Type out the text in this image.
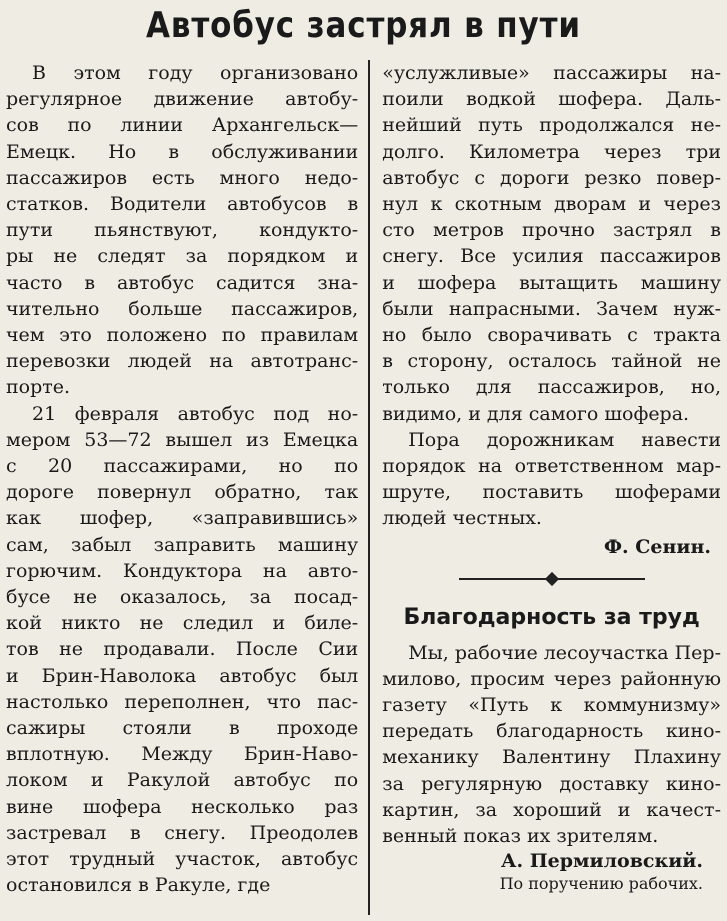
Автобус застрял в пути
В этом году организовано
регулярное движение автобу-
сов по линии Архангельск—
Емецк. Но в обслуживании
пассажиров есть много недо-
статков. Водители автобусов в
пути пьянствуют, кондукто-
ры не следят за порядком и
часто в автобус садится зна-
чительно больше пассажиров,
чем это положено по правилам
перевозки людей на автотранс-
порте.
21 февраля автобус под но-
мером 53—72 вышел из Емецка
с 20 пассажирами, но по
дороге повернул обратно, так
как шофер, «заправившись»
сам, забыл заправить машину
горючим. Кондуктора на авто-
бусе не оказалось, за посад-
кой никто не следил и биле-
тов не продавали. После Сии
и Брин-Наволока автобус был
настолько переполнен, что пас-
сажиры стояли в проходе
вплотную. Между Брин-Наво-
локом и Ракулой автобус по
вине шофера несколько раз
застревал в снегу. Преодолев
этот трудный участок, автобус
остановился в Ракуле, где
«услужливые» пассажиры на-
поили водкой шофера. Даль-
нейший путь продолжался не-
долго. Километра через три
автобус с дороги резко повер-
нул к скотным дворам и через
сто метров прочно застрял в
снегу. Все усилия пассажиров
и шофера вытащить машину
были напрасными. Зачем нуж-
но было сворачивать с тракта
в сторону, осталось тайной не
только для пассажиров, но,
видимо, и для самого шофера.
Пора дорожникам навести
порядок на ответственном мар-
шруте, поставить шоферами
людей честных.
Ф. Сенин.
Благодарность за труд
Мы, рабочие лесоучастка Пер-
милово, просим через районную
газету «Путь к коммунизму»
передать благодарность кино-
механику Валентину Плахину
за регулярную доставку кино-
картин, за хороший и качест-
венный показ их зрителям.
А. Пермиловский.
По поручению рабочих.
